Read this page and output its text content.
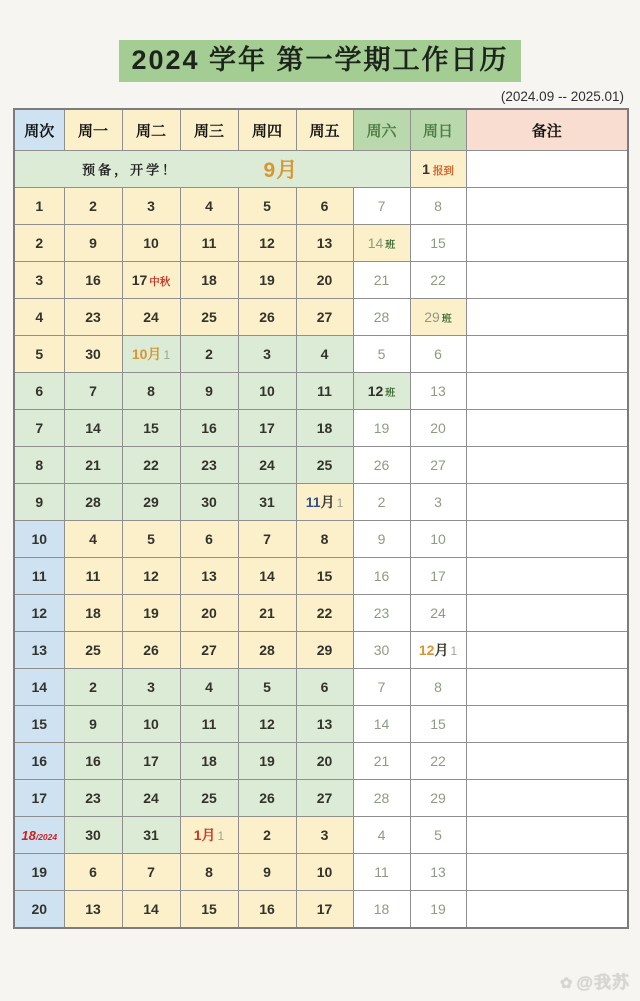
2024 学年 第一学期工作日历
(2024.09 -- 2025.01)
周次	周一	周二	周三	周四	周五	周六	周日	备注

预备，开学！ 9月							1 报到	
1	2	3	4	5	6	7	8	
2	9	10	11	12	13	14 班	15	
3	16	17 中秋	18	19	20	21	22	
4	23	24	25	26	27	28	29 班	
5	30	10月 1	2	3	4	5	6	
6	7	8	9	10	11	12 班	13	
7	14	15	16	17	18	19	20	
8	21	22	23	24	25	26	27	
9	28	29	30	31	11月 1	2	3	
10	4	5	6	7	8	9	10	
11	11	12	13	14	15	16	17	
12	18	19	20	21	22	23	24	
13	25	26	27	28	29	30	12月 1	
14	2	3	4	5	6	7	8	
15	9	10	11	12	13	14	15	
16	16	17	18	19	20	21	22	
17	23	24	25	26	27	28	29	
18/2024	30	31	1月 1	2	3	4	5	
19	6	7	8	9	10	11	13	
20	13	14	15	16	17	18	19	
✿ @我苏
